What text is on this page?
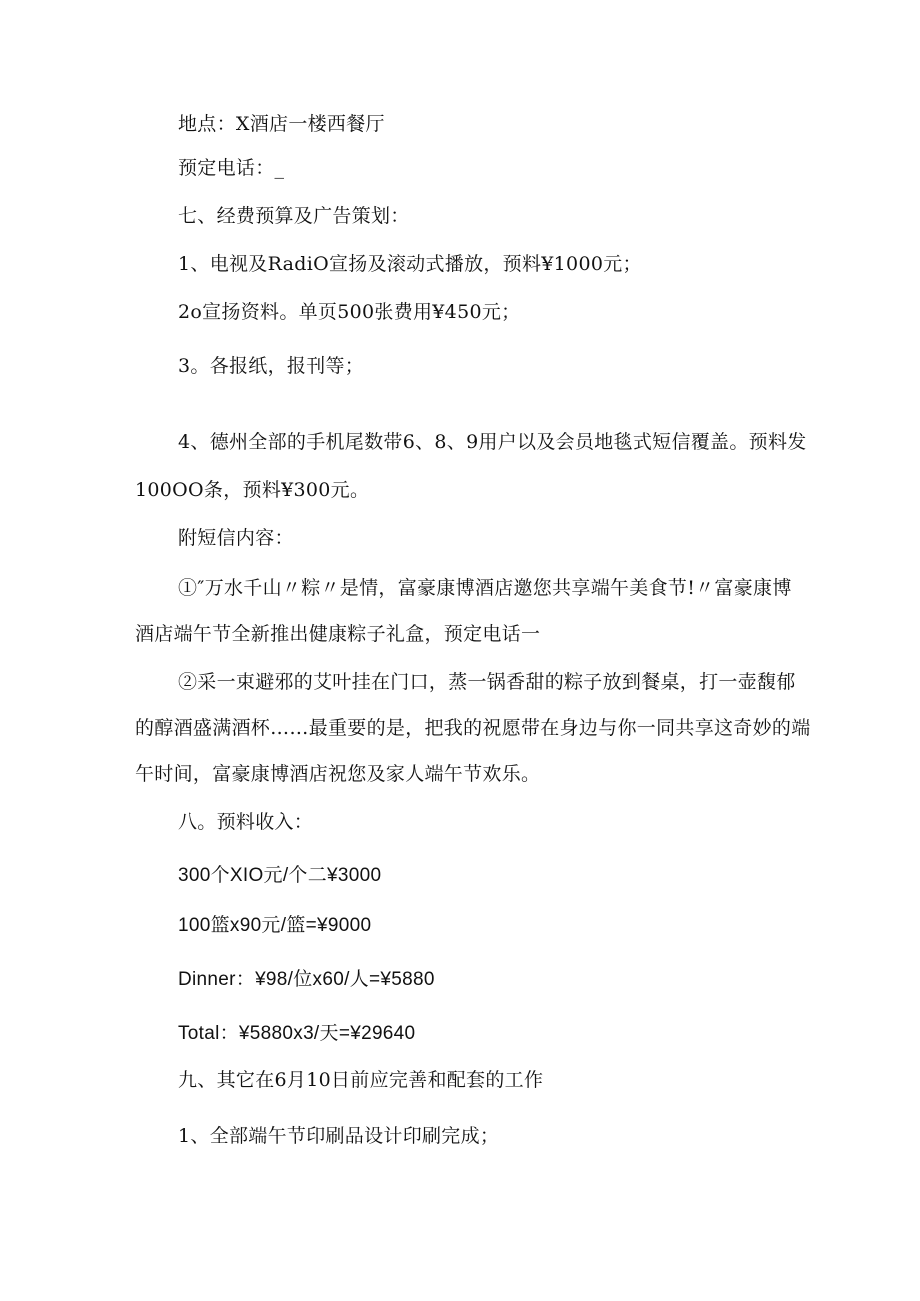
地点：X酒店一楼西餐厅
预定电话：_
七、经费预算及广告策划：
1、电视及RadiO宣扬及滚动式播放，预料¥1000元；
2o宣扬资料。单页500张费用¥450元；
3。各报纸，报刊等；
4、德州全部的手机尾数带6、8、9用户以及会员地毯式短信覆盖。预料发
100OO条，预料¥300元。
附短信内容：
①″万水千山〃粽〃是情，富豪康博酒店邀您共享端午美食节!〃富豪康博
酒店端午节全新推出健康粽子礼盒，预定电话一
②采一束避邪的艾叶挂在门口，蒸一锅香甜的粽子放到餐桌，打一壶馥郁
的醇酒盛满酒杯……最重要的是，把我的祝愿带在身边与你一同共享这奇妙的端
午时间，富豪康博酒店祝您及家人端午节欢乐。
八。预料收入：
300个XIO元/个二¥3000
100篮x90元/篮=¥9000
Dinner：¥98/位x60/人=¥5880
Total：¥5880x3/天=¥29640
九、其它在6月10日前应完善和配套的工作
1、全部端午节印刷品设计印刷完成；
